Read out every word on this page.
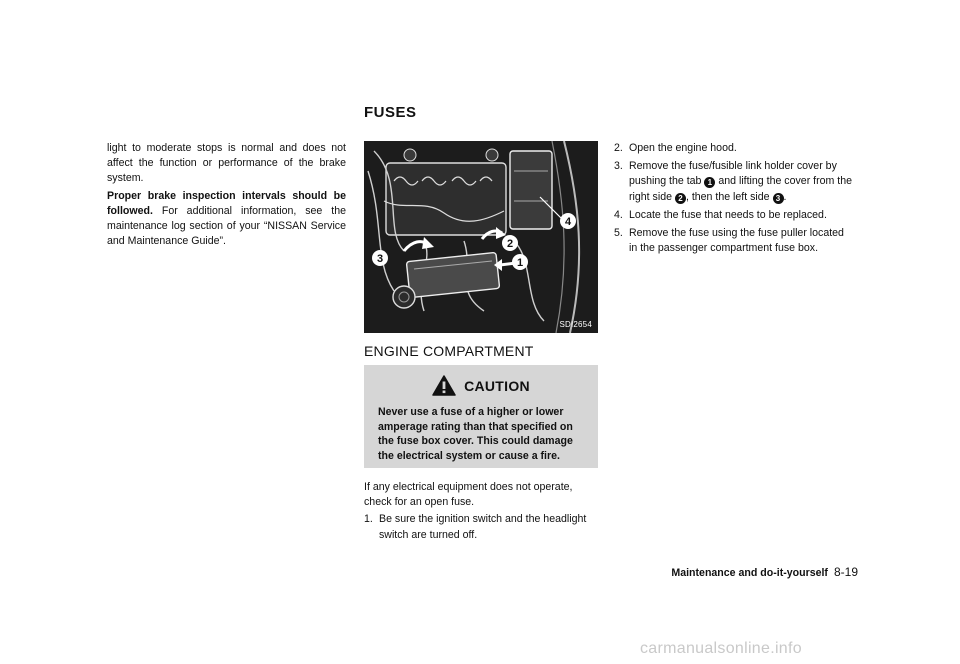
FUSES

light to moderate stops is normal and does not affect the function or performance of the brake system.

Proper brake inspection intervals should be followed. For additional information, see the maintenance log section of your “NISSAN Service and Maintenance Guide”.

1
2
3
4
SDI2654
ENGINE COMPARTMENT
CAUTION
Never use a fuse of a higher or lower amperage rating than that specified on the fuse box cover. This could damage the electrical system or cause a fire.

If any electrical equipment does not operate, check for an open fuse.

1. Be sure the ignition switch and the headlight switch are turned off.
2. Open the engine hood.
3. Remove the fuse/fusible link holder cover by pushing the tab 1 and lifting the cover from the right side 2 , then the left side 3 .
4. Locate the fuse that needs to be replaced.
5. Remove the fuse using the fuse puller located in the passenger compartment fuse box.
Maintenance and do-it-yourself 8-19
carmanualsonline.info
